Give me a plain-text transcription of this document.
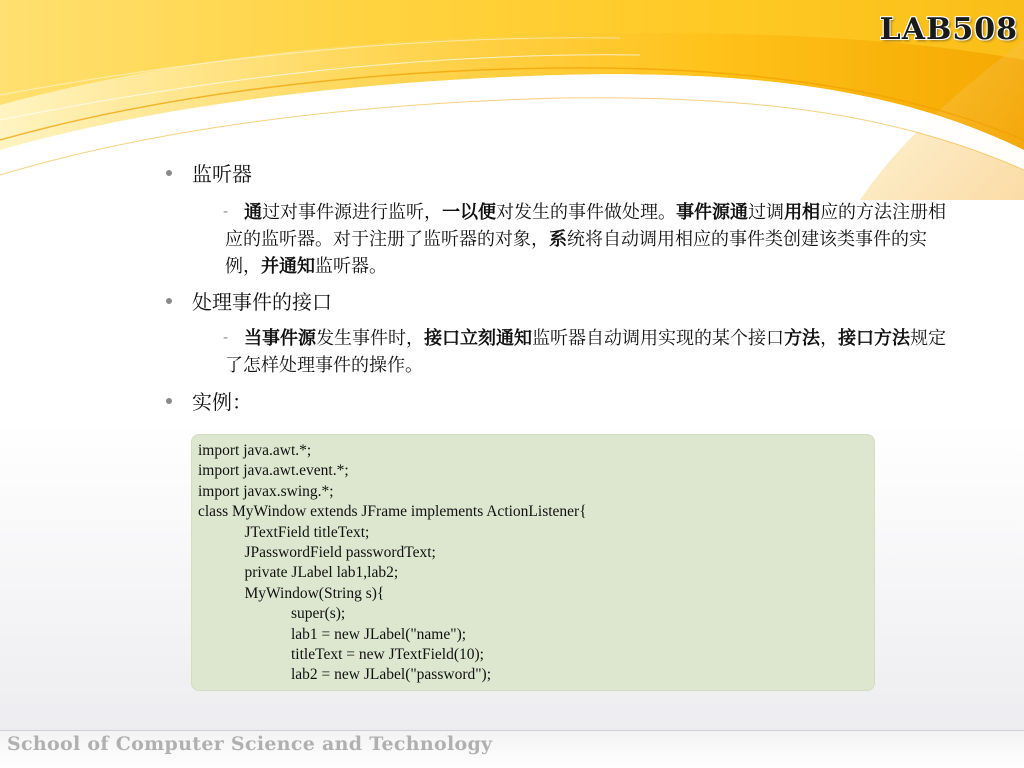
LAB508
监听器
- 通过对事件源进行监听，一以便对发生的事件做处理。事件源通过调用相应的方法注册相应的监听器。对于注册了监听器的对象，系统将自动调用相应的事件类创建该类事件的实例，并通知监听器。
处理事件的接口
- 当事件源发生事件时，接口立刻通知监听器自动调用实现的某个接口方法，接口方法规定了怎样处理事件的操作。
实例：
import java.awt.*;
import java.awt.event.*;
import javax.swing.*;
class MyWindow extends JFrame implements ActionListener{
JTextField titleText;
JPasswordField passwordText;
private JLabel lab1,lab2;
MyWindow(String s){
super(s);
lab1 = new JLabel("name");
titleText = new JTextField(10);
lab2 = new JLabel("password");
School of Computer Science and Technology
